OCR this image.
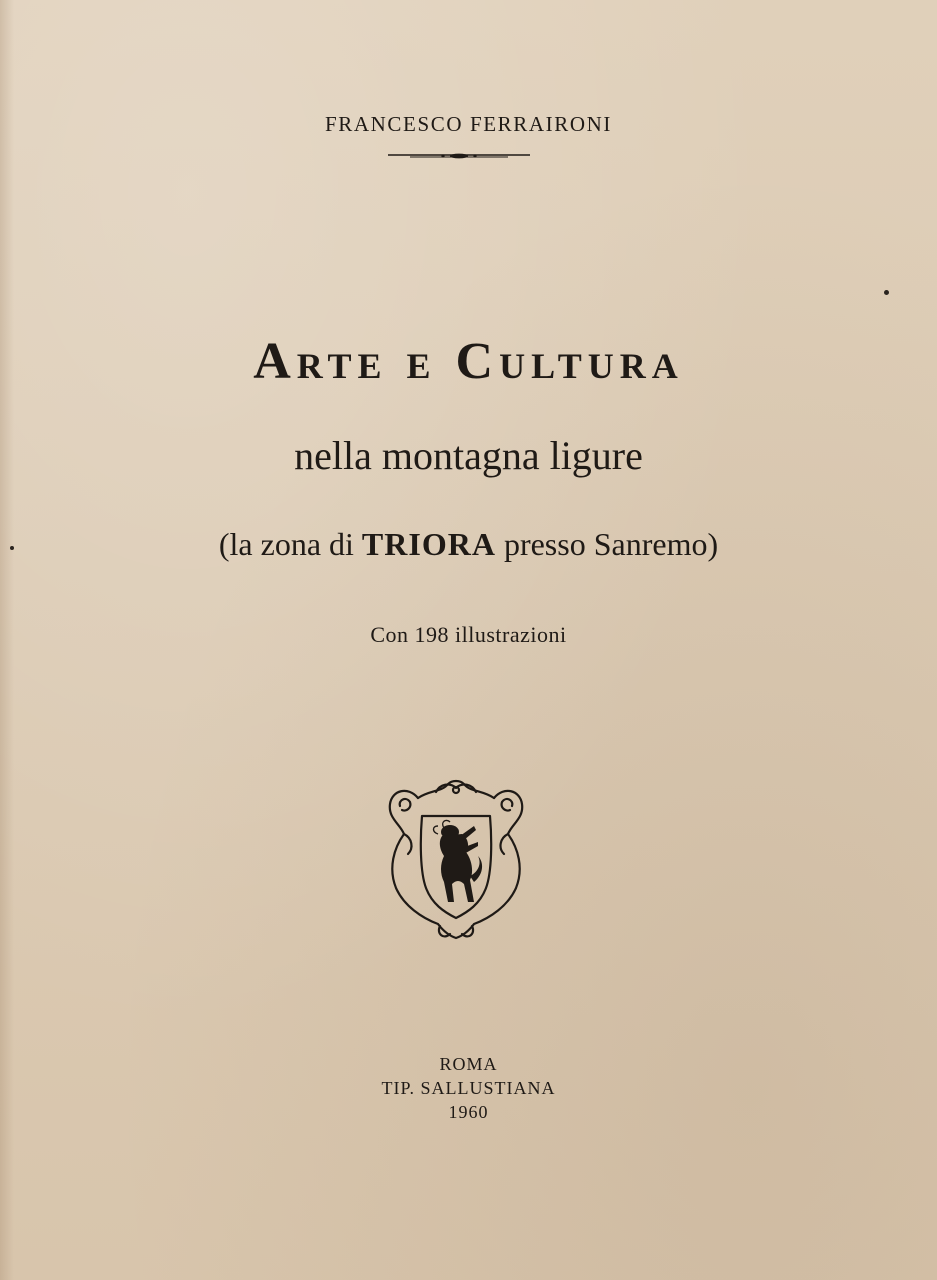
FRANCESCO FERRAIRONI
Arte e Cultura
nella montagna ligure
(la zona di TRIORA presso Sanremo)
Con 198 illustrazioni
ROMA
TIP. SALLUSTIANA
1960
